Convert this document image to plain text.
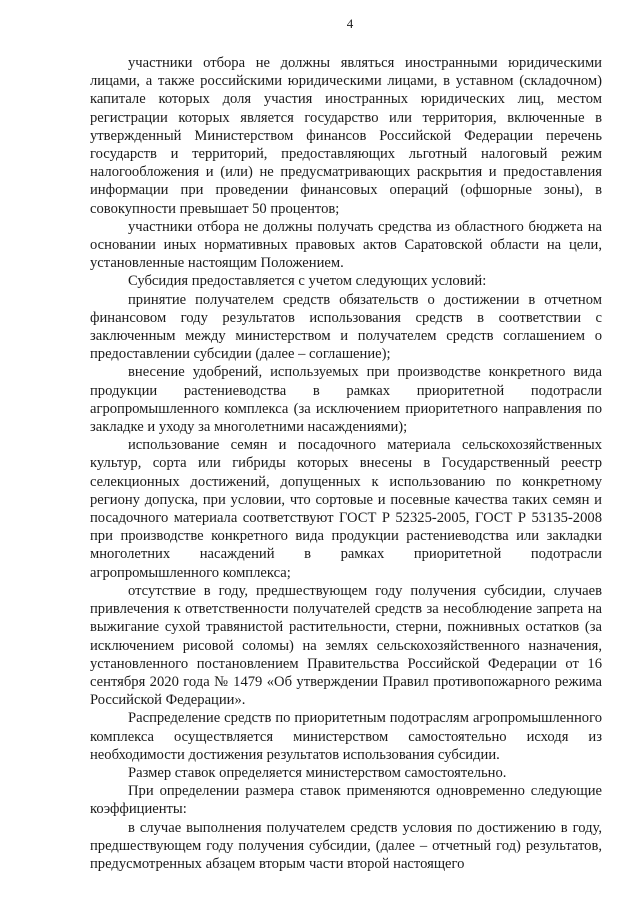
4

участники отбора не должны являться иностранными юридическими лицами, а также российскими юридическими лицами, в уставном (складочном) капитале которых доля участия иностранных юридических лиц, местом регистрации которых является государство или территория, включенные в утвержденный Министерством финансов Российской Федерации перечень государств и территорий, предоставляющих льготный налоговый режим налогообложения и (или) не предусматривающих раскрытия и предоставления информации при проведении финансовых операций (офшорные зоны), в совокупности превышает 50 процентов;

участники отбора не должны получать средства из областного бюджета на основании иных нормативных правовых актов Саратовской области на цели, установленные настоящим Положением.

Субсидия предоставляется с учетом следующих условий:

принятие получателем средств обязательств о достижении в отчетном финансовом году результатов использования средств в соответствии с заключенным между министерством и получателем средств соглашением о предоставлении субсидии (далее – соглашение);

внесение удобрений, используемых при производстве конкретного вида продукции растениеводства в рамках приоритетной подотрасли агропромышленного комплекса (за исключением приоритетного направления по закладке и уходу за многолетними насаждениями);

использование семян и посадочного материала сельскохозяйственных культур, сорта или гибриды которых внесены в Государственный реестр селекционных достижений, допущенных к использованию по конкретному региону допуска, при условии, что сортовые и посевные качества таких семян и посадочного материала соответствуют ГОСТ Р 52325-2005, ГОСТ Р 53135-2008 при производстве конкретного вида продукции растениеводства или закладки многолетних насаждений в рамках приоритетной подотрасли агропромышленного комплекса;

отсутствие в году, предшествующем году получения субсидии, случаев привлечения к ответственности получателей средств за несоблюдение запрета на выжигание сухой травянистой растительности, стерни, пожнивных остатков (за исключением рисовой соломы) на землях сельскохозяйственного назначения, установленного постановлением Правительства Российской Федерации от 16 сентября 2020 года № 1479 «Об утверждении Правил противопожарного режима Российской Федерации».

Распределение средств по приоритетным подотраслям агропромышленного комплекса осуществляется министерством самостоятельно исходя из необходимости достижения результатов использования субсидии.

Размер ставок определяется министерством самостоятельно.

При определении размера ставок применяются одновременно следующие коэффициенты:

в случае выполнения получателем средств условия по достижению в году, предшествующем году получения субсидии, (далее – отчетный год) результатов, предусмотренных абзацем вторым части второй настоящего
